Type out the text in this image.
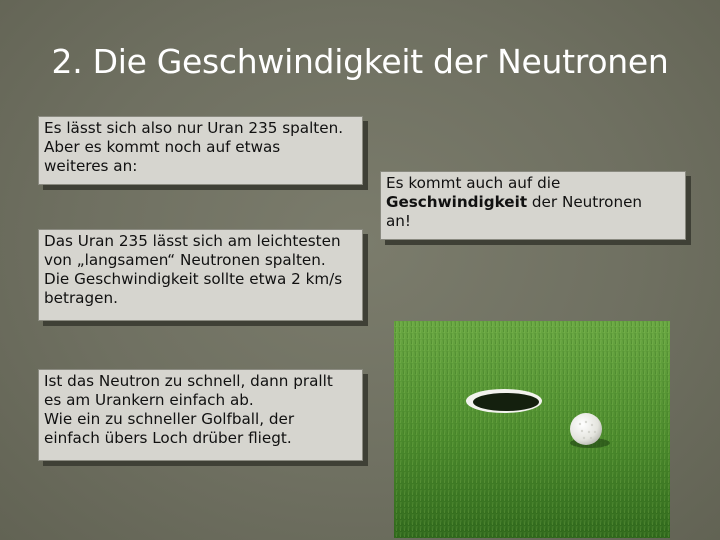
2. Die Geschwindigkeit der Neutronen

Es lässt sich also nur Uran 235 spalten.
Aber es kommt noch auf etwas
weiteres an:

Das Uran 235 lässt sich am leichtesten
von „langsamen“ Neutronen spalten.
Die Geschwindigkeit sollte etwa 2 km/s
betragen.

Ist das Neutron zu schnell, dann prallt
es am Urankern einfach ab.
Wie ein zu schneller Golfball, der
einfach übers Loch drüber fliegt.

Es kommt auch auf die
Geschwindigkeit der Neutronen
an!
